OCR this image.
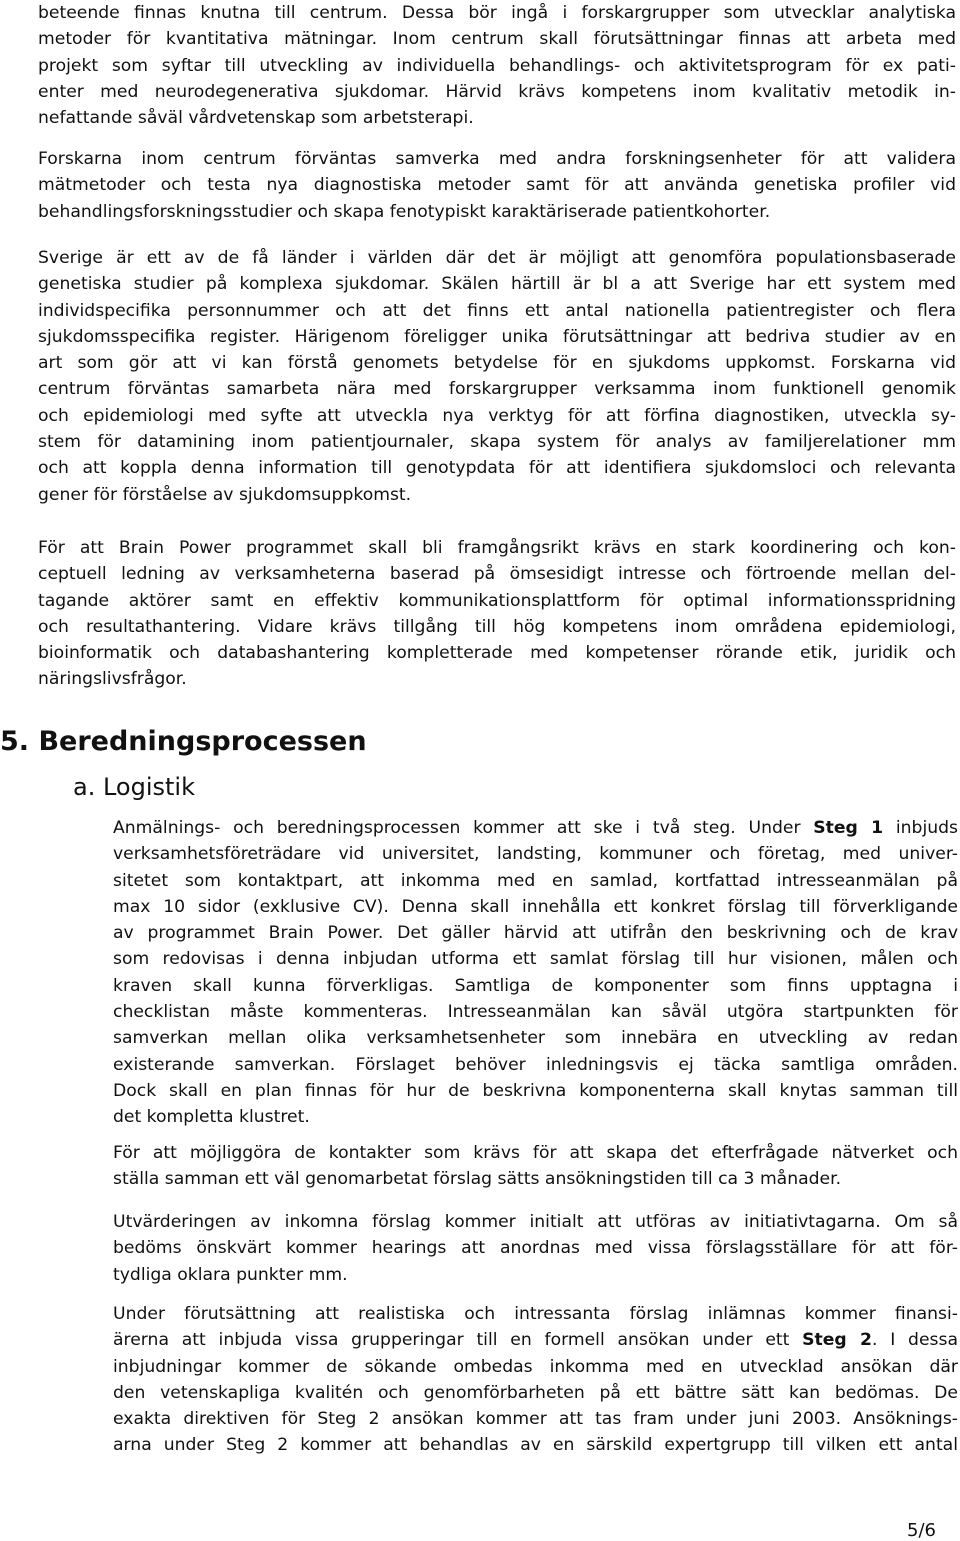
beteende finnas knutna till centrum. Dessa bör ingå i forskargrupper som utvecklar analytiska
metoder för kvantitativa mätningar. Inom centrum skall förutsättningar finnas att arbeta med
projekt som syftar till utveckling av individuella behandlings- och aktivitetsprogram för ex pati-
enter med neurodegenerativa sjukdomar. Härvid krävs kompetens inom kvalitativ metodik in-
nefattande såväl vårdvetenskap som arbetsterapi.
Forskarna inom centrum förväntas samverka med andra forskningsenheter för att validera
mätmetoder och testa nya diagnostiska metoder samt för att använda genetiska profiler vid
behandlingsforskningsstudier och skapa fenotypiskt karaktäriserade patientkohorter.
Sverige är ett av de få länder i världen där det är möjligt att genomföra populationsbaserade
genetiska studier på komplexa sjukdomar. Skälen härtill är bl a att Sverige har ett system med
individspecifika personnummer och att det finns ett antal nationella patientregister och flera
sjukdomsspecifika register. Härigenom föreligger unika förutsättningar att bedriva studier av en
art som gör att vi kan förstå genomets betydelse för en sjukdoms uppkomst. Forskarna vid
centrum förväntas samarbeta nära med forskargrupper verksamma inom funktionell genomik
och epidemiologi med syfte att utveckla nya verktyg för att förfina diagnostiken, utveckla sy-
stem för datamining inom patientjournaler, skapa system för analys av familjerelationer mm
och att koppla denna information till genotypdata för att identifiera sjukdomsloci och relevanta
gener för förståelse av sjukdomsuppkomst.
För att Brain Power programmet skall bli framgångsrikt krävs en stark koordinering och kon-
ceptuell ledning av verksamheterna baserad på ömsesidigt intresse och förtroende mellan del-
tagande aktörer samt en effektiv kommunikationsplattform för optimal informationsspridning
och resultathantering. Vidare krävs tillgång till hög kompetens inom områdena epidemiologi,
bioinformatik och databashantering kompletterade med kompetenser rörande etik, juridik och
näringslivsfrågor.
5. Beredningsprocessen
a. Logistik
Anmälnings- och beredningsprocessen kommer att ske i två steg. Under Steg 1 inbjuds
verksamhetsföreträdare vid universitet, landsting, kommuner och företag, med univer-
sitetet som kontaktpart, att inkomma med en samlad, kortfattad intresseanmälan på
max 10 sidor (exklusive CV). Denna skall innehålla ett konkret förslag till förverkligande
av programmet Brain Power. Det gäller härvid att utifrån den beskrivning och de krav
som redovisas i denna inbjudan utforma ett samlat förslag till hur visionen, målen och
kraven skall kunna förverkligas. Samtliga de komponenter som finns upptagna i
checklistan måste kommenteras. Intresseanmälan kan såväl utgöra startpunkten för
samverkan mellan olika verksamhetsenheter som innebära en utveckling av redan
existerande samverkan. Förslaget behöver inledningsvis ej täcka samtliga områden.
Dock skall en plan finnas för hur de beskrivna komponenterna skall knytas samman till
det kompletta klustret.
För att möjliggöra de kontakter som krävs för att skapa det efterfrågade nätverket och
ställa samman ett väl genomarbetat förslag sätts ansökningstiden till ca 3 månader.
Utvärderingen av inkomna förslag kommer initialt att utföras av initiativtagarna. Om så
bedöms önskvärt kommer hearings att anordnas med vissa förslagsställare för att för-
tydliga oklara punkter mm.
Under förutsättning att realistiska och intressanta förslag inlämnas kommer finansi-
ärerna att inbjuda vissa grupperingar till en formell ansökan under ett Steg 2. I dessa
inbjudningar kommer de sökande ombedas inkomma med en utvecklad ansökan där
den vetenskapliga kvalitén och genomförbarheten på ett bättre sätt kan bedömas. De
exakta direktiven för Steg 2 ansökan kommer att tas fram under juni 2003. Ansöknings-
arna under Steg 2 kommer att behandlas av en särskild expertgrupp till vilken ett antal
5/6
